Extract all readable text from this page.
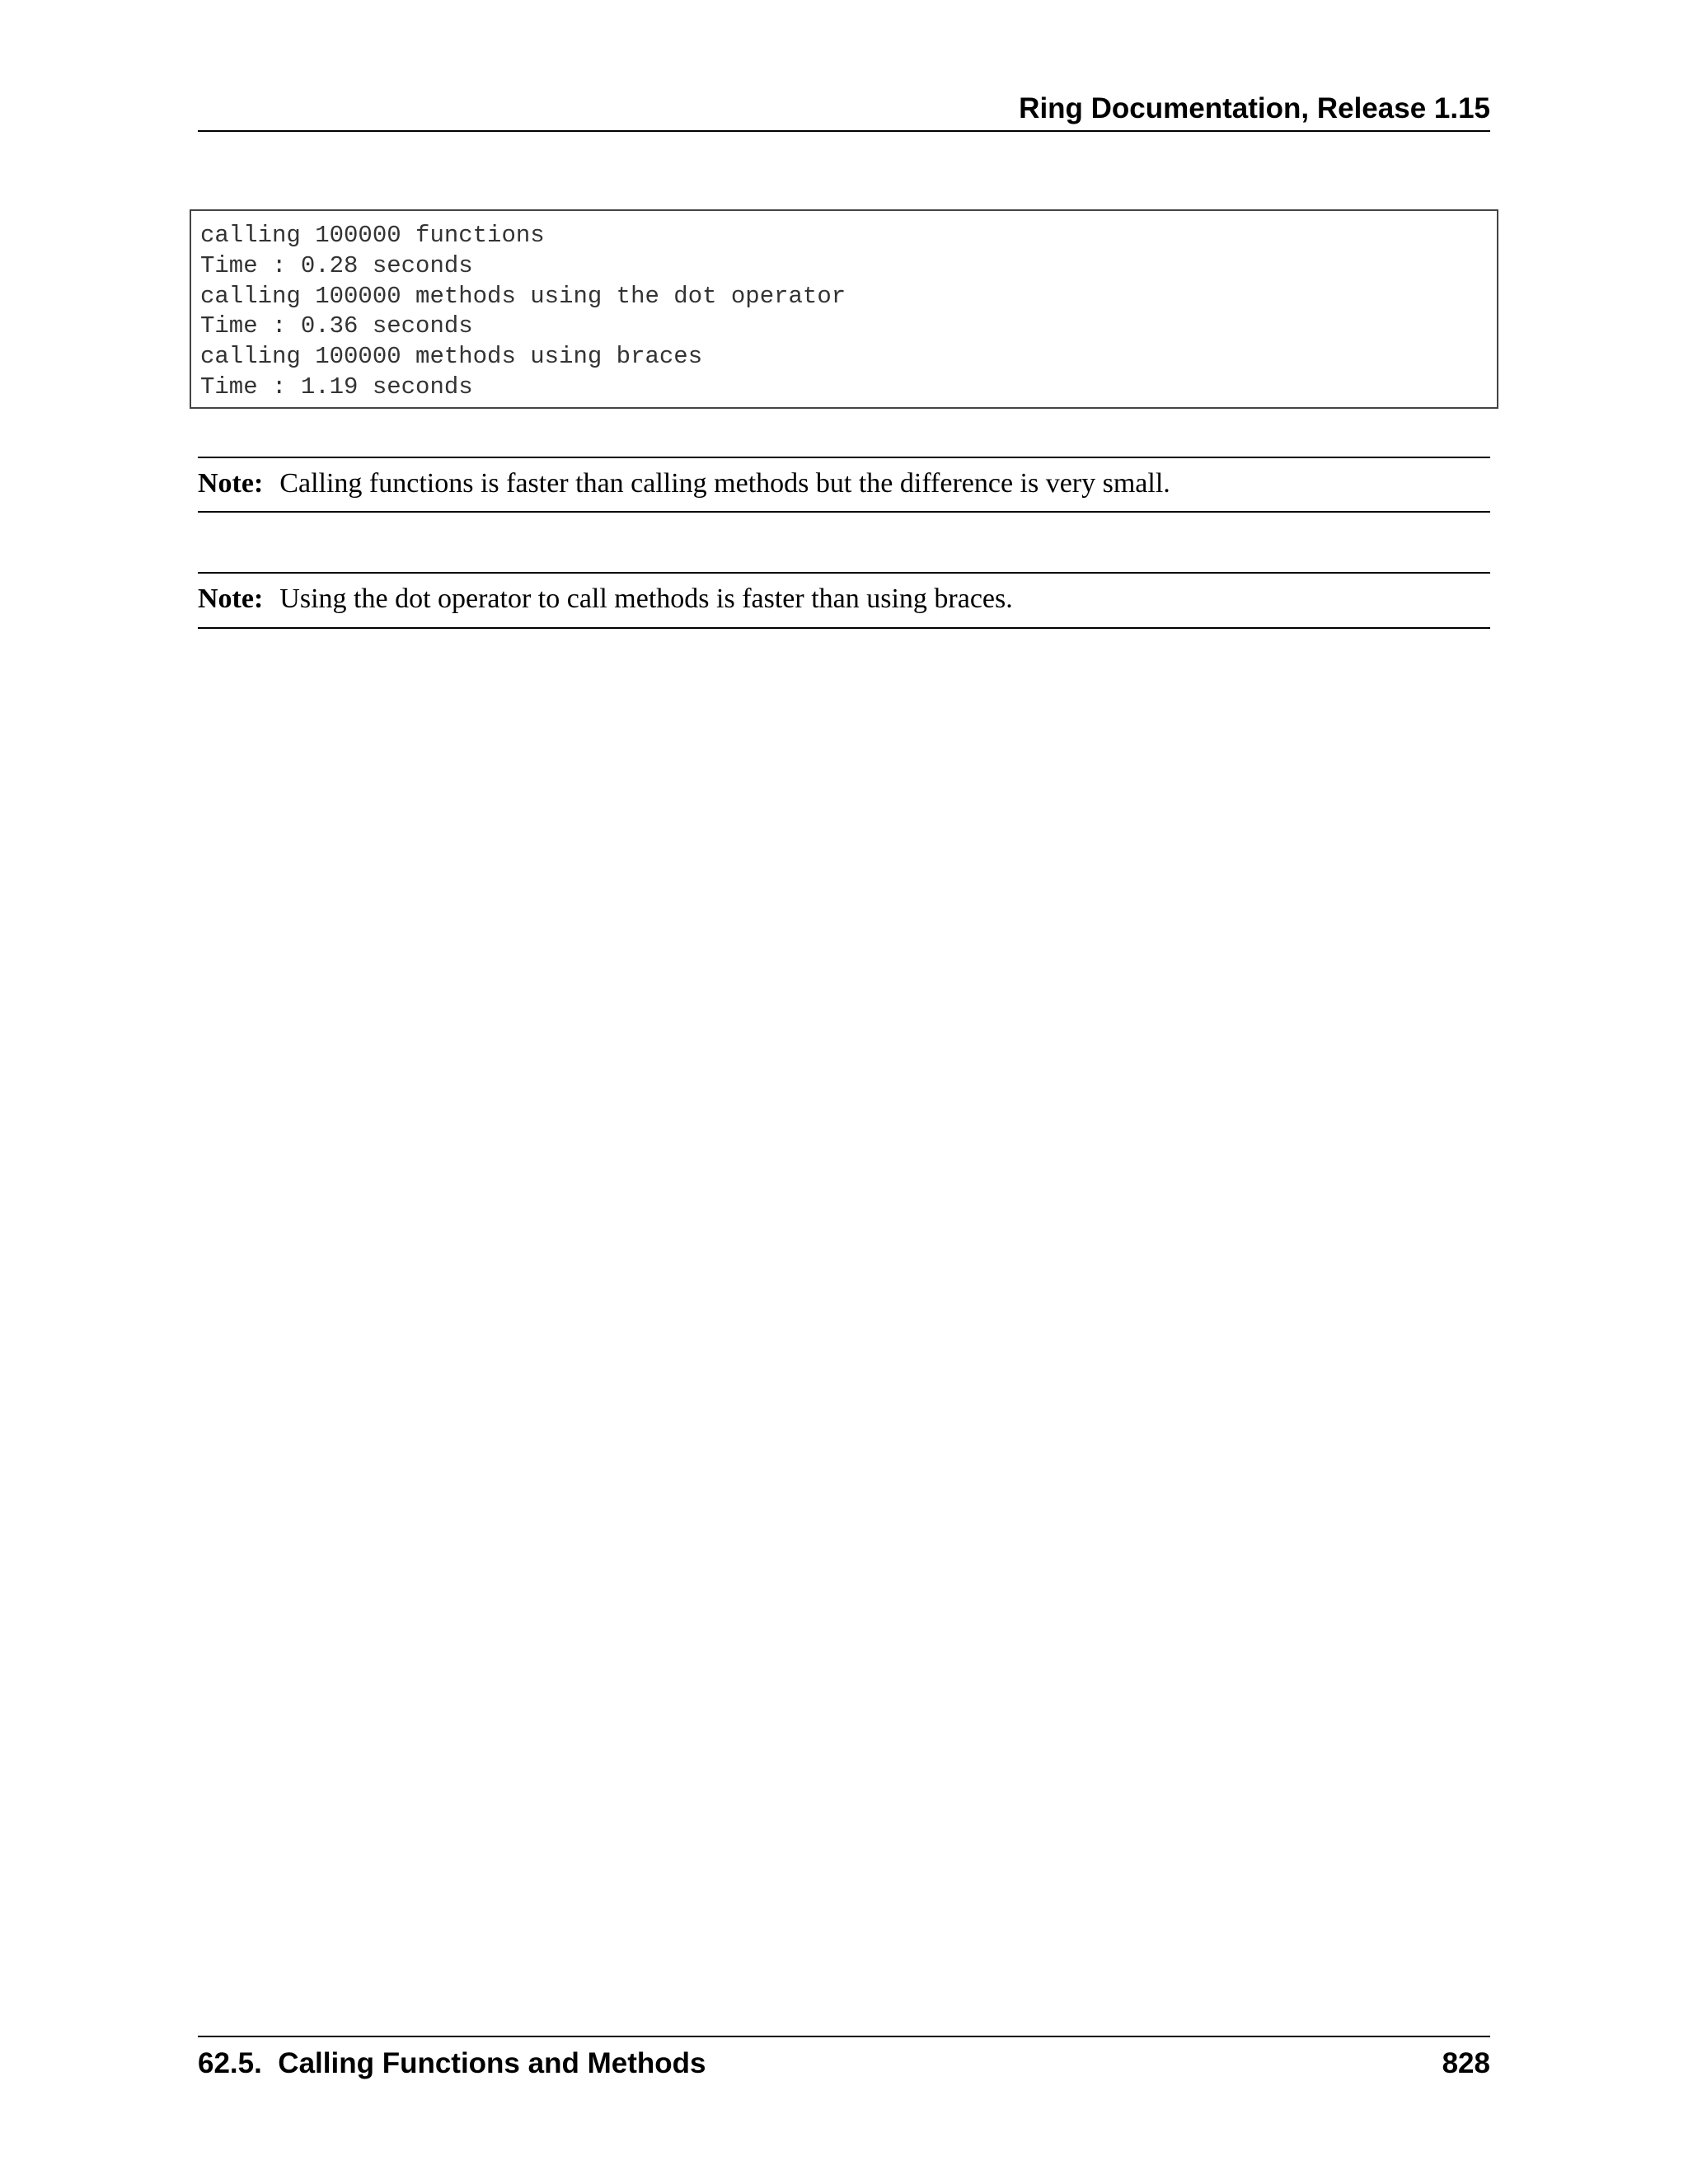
Ring Documentation, Release 1.15
calling 100000 functions
Time : 0.28 seconds
calling 100000 methods using the dot operator
Time : 0.36 seconds
calling 100000 methods using braces
Time : 1.19 seconds
Note: Calling functions is faster than calling methods but the difference is very small.
Note: Using the dot operator to call methods is faster than using braces.
62.5.  Calling Functions and Methods	828
